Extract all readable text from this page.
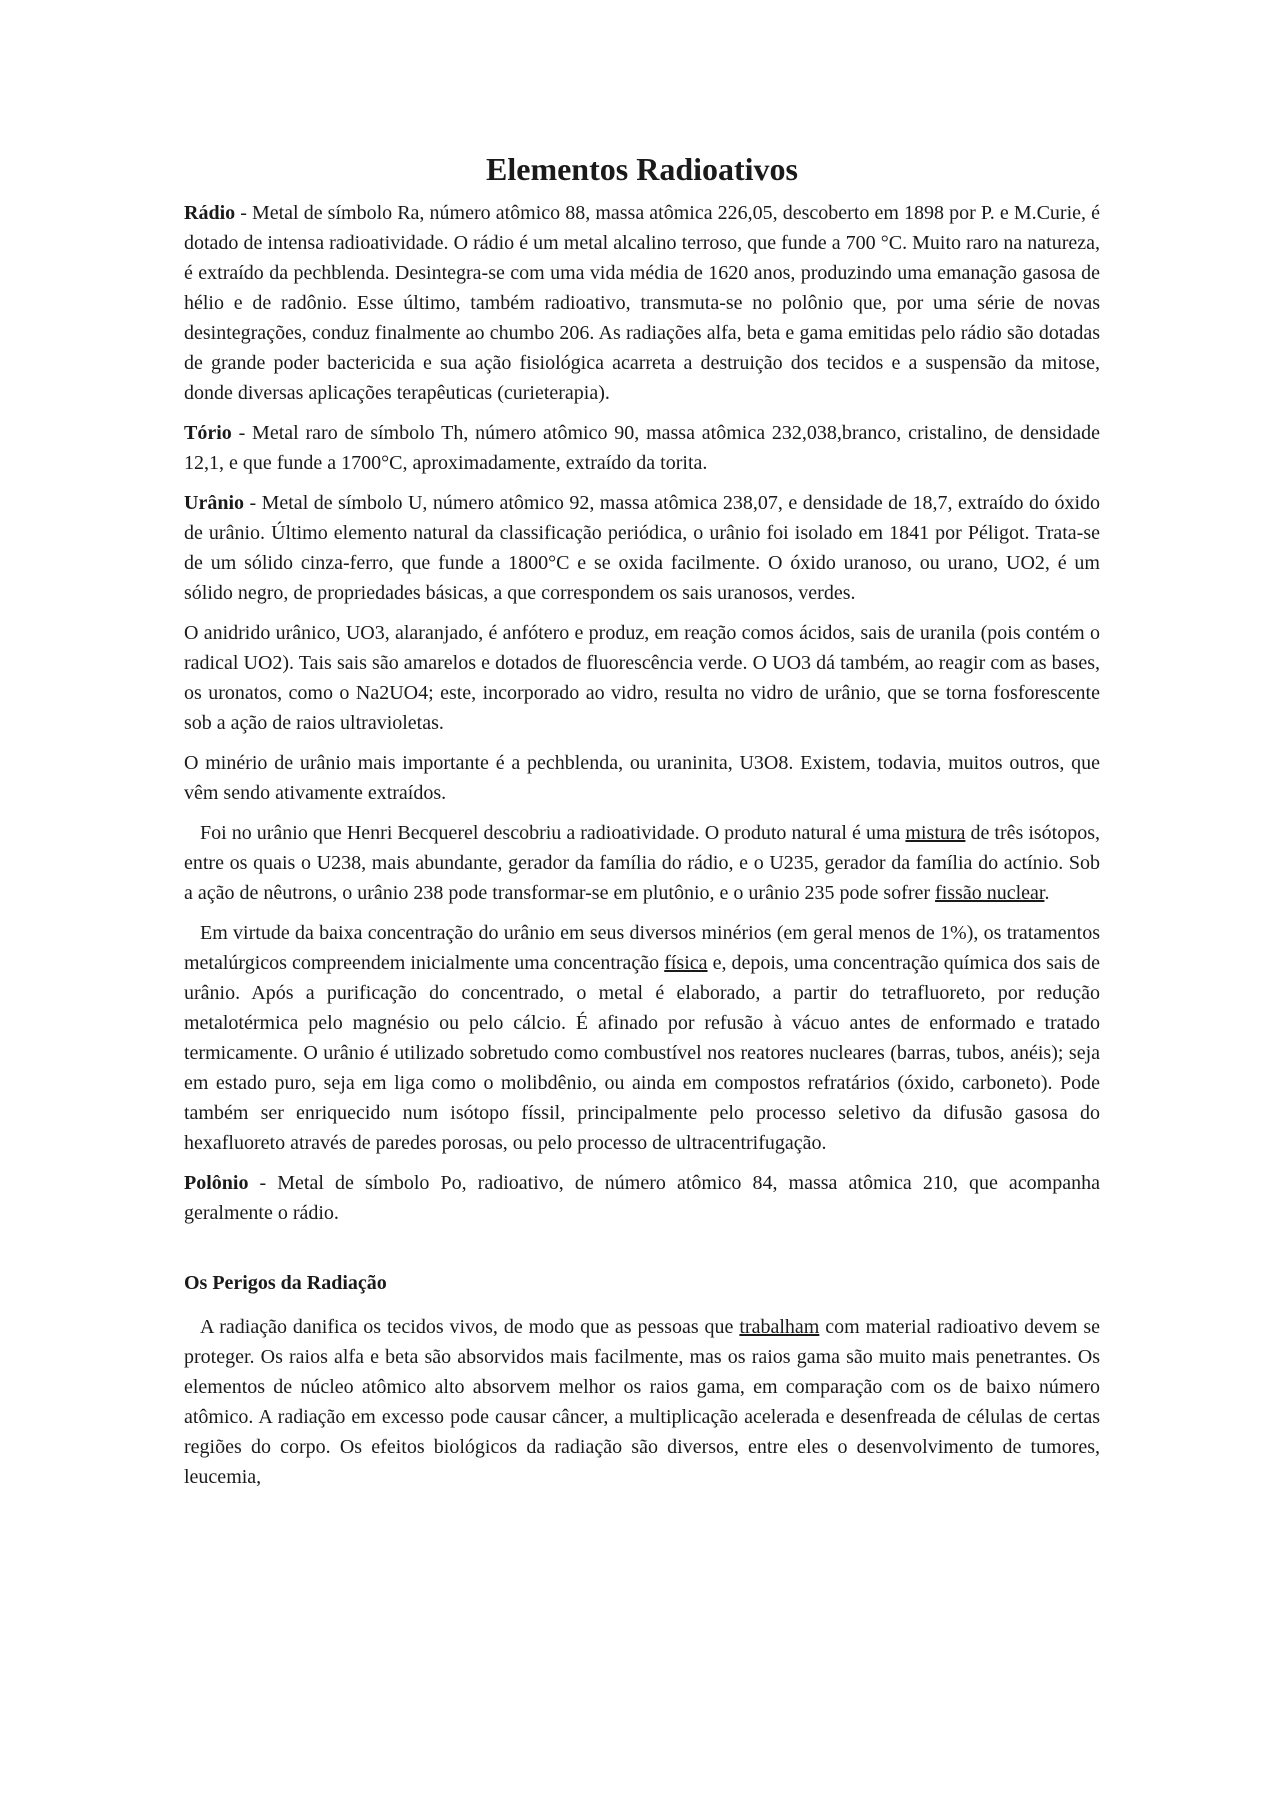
Elementos Radioativos

Rádio - Metal de símbolo Ra, número atômico 88, massa atômica 226,05, descoberto em 1898 por P. e M.Curie, é dotado de intensa radioatividade. O rádio é um metal alcalino terroso, que funde a 700 °C. Muito raro na natureza, é extraído da pechblenda. Desintegra-se com uma vida média de 1620 anos, produzindo uma emanação gasosa de hélio e de radônio. Esse último, também radioativo, transmuta-se no polônio que, por uma série de novas desintegrações, conduz finalmente ao chumbo 206. As radiações alfa, beta e gama emitidas pelo rádio são dotadas de grande poder bactericida e sua ação fisiológica acarreta a destruição dos tecidos e a suspensão da mitose, donde diversas aplicações terapêuticas (curieterapia).

Tório - Metal raro de símbolo Th, número atômico 90, massa atômica 232,038,branco, cristalino, de densidade 12,1, e que funde a 1700°C, aproximadamente, extraído da torita.

Urânio - Metal de símbolo U, número atômico 92, massa atômica 238,07, e densidade de 18,7, extraído do óxido de urânio. Último elemento natural da classificação periódica, o urânio foi isolado em 1841 por Péligot. Trata-se de um sólido cinza-ferro, que funde a 1800°C e se oxida facilmente. O óxido uranoso, ou urano, UO2, é um sólido negro, de propriedades básicas, a que correspondem os sais uranosos, verdes.

O anidrido urânico, UO3, alaranjado, é anfótero e produz, em reação comos ácidos, sais de uranila (pois contém o radical UO2). Tais sais são amarelos e dotados de fluorescência verde. O UO3 dá também, ao reagir com as bases, os uronatos, como o Na2UO4; este, incorporado ao vidro, resulta no vidro de urânio, que se torna fosforescente sob a ação de raios ultravioletas.

O minério de urânio mais importante é a pechblenda, ou uraninita, U3O8. Existem, todavia, muitos outros, que vêm sendo ativamente extraídos.

Foi no urânio que Henri Becquerel descobriu a radioatividade. O produto natural é uma mistura de três isótopos, entre os quais o U238, mais abundante, gerador da família do rádio, e o U235, gerador da família do actínio. Sob a ação de nêutrons, o urânio 238 pode transformar-se em plutônio, e o urânio 235 pode sofrer fissão nuclear.

Em virtude da baixa concentração do urânio em seus diversos minérios (em geral menos de 1%), os tratamentos metalúrgicos compreendem inicialmente uma concentração física e, depois, uma concentração química dos sais de urânio. Após a purificação do concentrado, o metal é elaborado, a partir do tetrafluoreto, por redução metalotérmica pelo magnésio ou pelo cálcio. É afinado por refusão à vácuo antes de enformado e tratado termicamente. O urânio é utilizado sobretudo como combustível nos reatores nucleares (barras, tubos, anéis); seja em estado puro, seja em liga como o molibdênio, ou ainda em compostos refratários (óxido, carboneto). Pode também ser enriquecido num isótopo físsil, principalmente pelo processo seletivo da difusão gasosa do hexafluoreto através de paredes porosas, ou pelo processo de ultracentrifugação.

Polônio - Metal de símbolo Po, radioativo, de número atômico 84, massa atômica 210, que acompanha geralmente o rádio.

Os Perigos da Radiação

A radiação danifica os tecidos vivos, de modo que as pessoas que trabalham com material radioativo devem se proteger. Os raios alfa e beta são absorvidos mais facilmente, mas os raios gama são muito mais penetrantes. Os elementos de núcleo atômico alto absorvem melhor os raios gama, em comparação com os de baixo número atômico. A radiação em excesso pode causar câncer, a multiplicação acelerada e desenfreada de células de certas regiões do corpo. Os efeitos biológicos da radiação são diversos, entre eles o desenvolvimento de tumores, leucemia,
